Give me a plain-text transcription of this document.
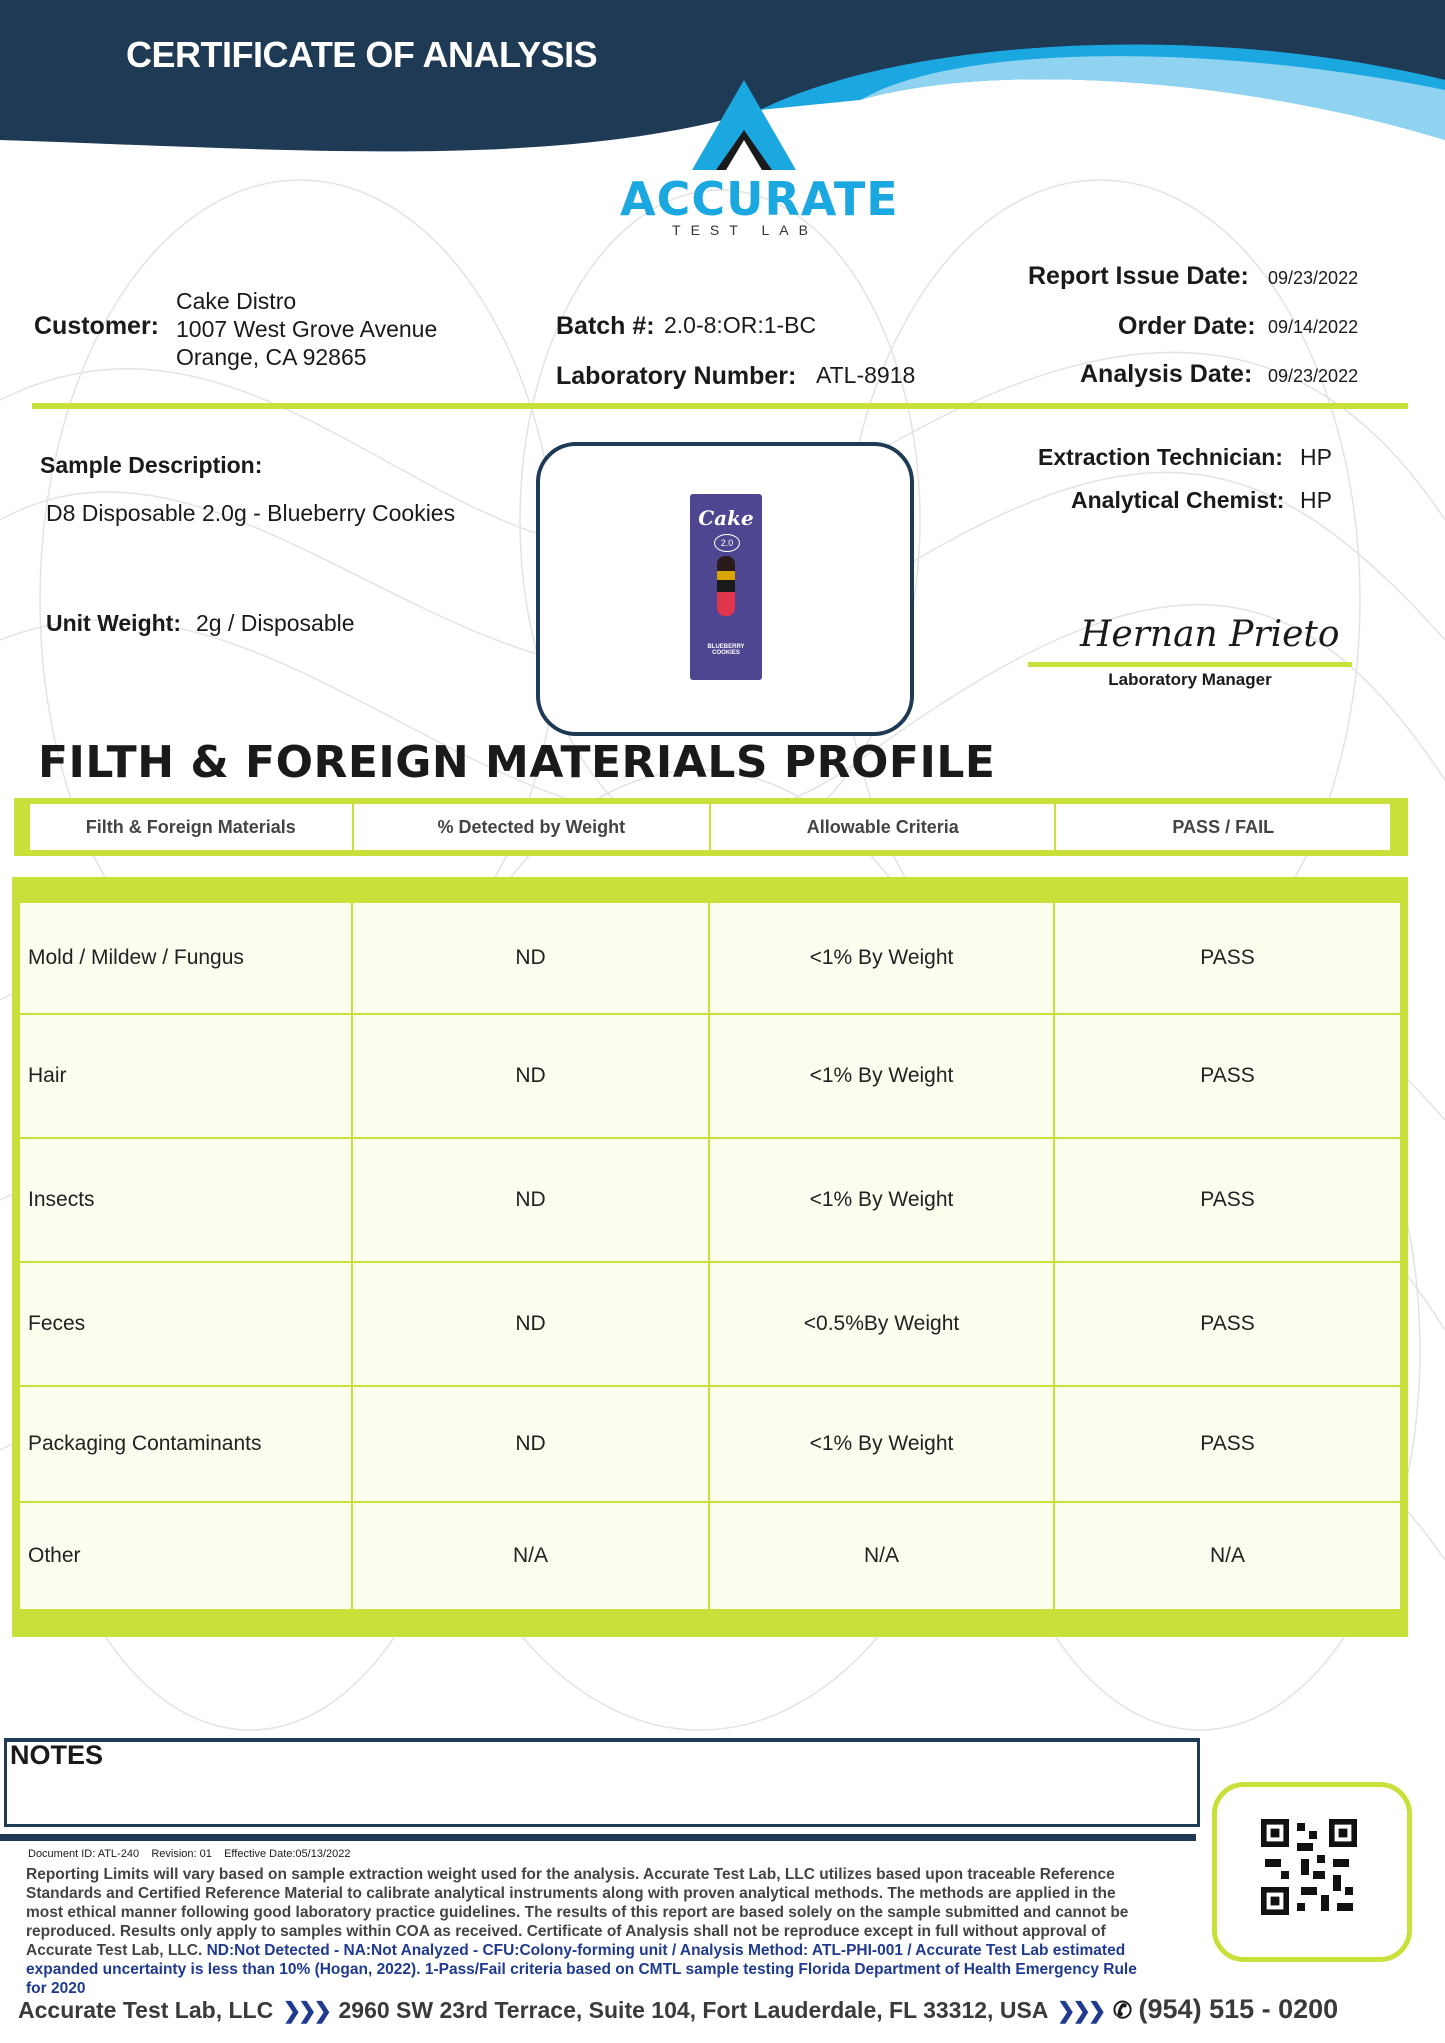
CERTIFICATE OF ANALYSIS
ACCURATE
TEST LAB
Customer:
Cake Distro
1007 West Grove Avenue
Orange, CA 92865
Batch #: 2.0-8:OR:1-BC
Laboratory Number: ATL-8918
Report Issue Date: 09/23/2022
Order Date: 09/14/2022
Analysis Date: 09/23/2022
Sample Description:
D8 Disposable 2.0g - Blueberry Cookies
Unit Weight: 2g / Disposable
Cake
2.0
BLUEBERRY COOKIES
Extraction Technician: HP
Analytical Chemist: HP
Hernan Prieto
Laboratory Manager
FILTH & FOREIGN MATERIALS PROFILE
Filth & Foreign Materials	% Detected by Weight	Allowable Criteria	PASS / FAIL
Mold / Mildew / Fungus	ND	<1% By Weight	PASS
Hair	ND	<1% By Weight	PASS
Insects	ND	<1% By Weight	PASS
Feces	ND	<0.5%By Weight	PASS
Packaging Contaminants	ND	<1% By Weight	PASS
Other	N/A	N/A	N/A
NOTES
Document ID: ATL-240 Revision: 01 Effective Date:05/13/2022
Reporting Limits will vary based on sample extraction weight used for the analysis. Accurate Test Lab, LLC utilizes based upon traceable Reference Standards and Certified Reference Material to calibrate analytical instruments along with proven analytical methods. The methods are applied in the most ethical manner following good laboratory practice guidelines. The results of this report are based solely on the sample submitted and cannot be reproduced. Results only apply to samples within COA as received. Certificate of Analysis shall not be reproduce except in full without approval of Accurate Test Lab, LLC. ND:Not Detected - NA:Not Analyzed - CFU:Colony-forming unit / Analysis Method: ATL-PHI-001 / Accurate Test Lab estimated expanded uncertainty is less than 10% (Hogan, 2022). 1-Pass/Fail criteria based on CMTL sample testing Florida Department of Health Emergency Rule for 2020
Accurate Test Lab, LLC  ❯❯❯  2960 SW 23rd Terrace, Suite 104, Fort Lauderdale, FL 33312, USA  ❯❯❯  ✆ (954) 515 - 0200
